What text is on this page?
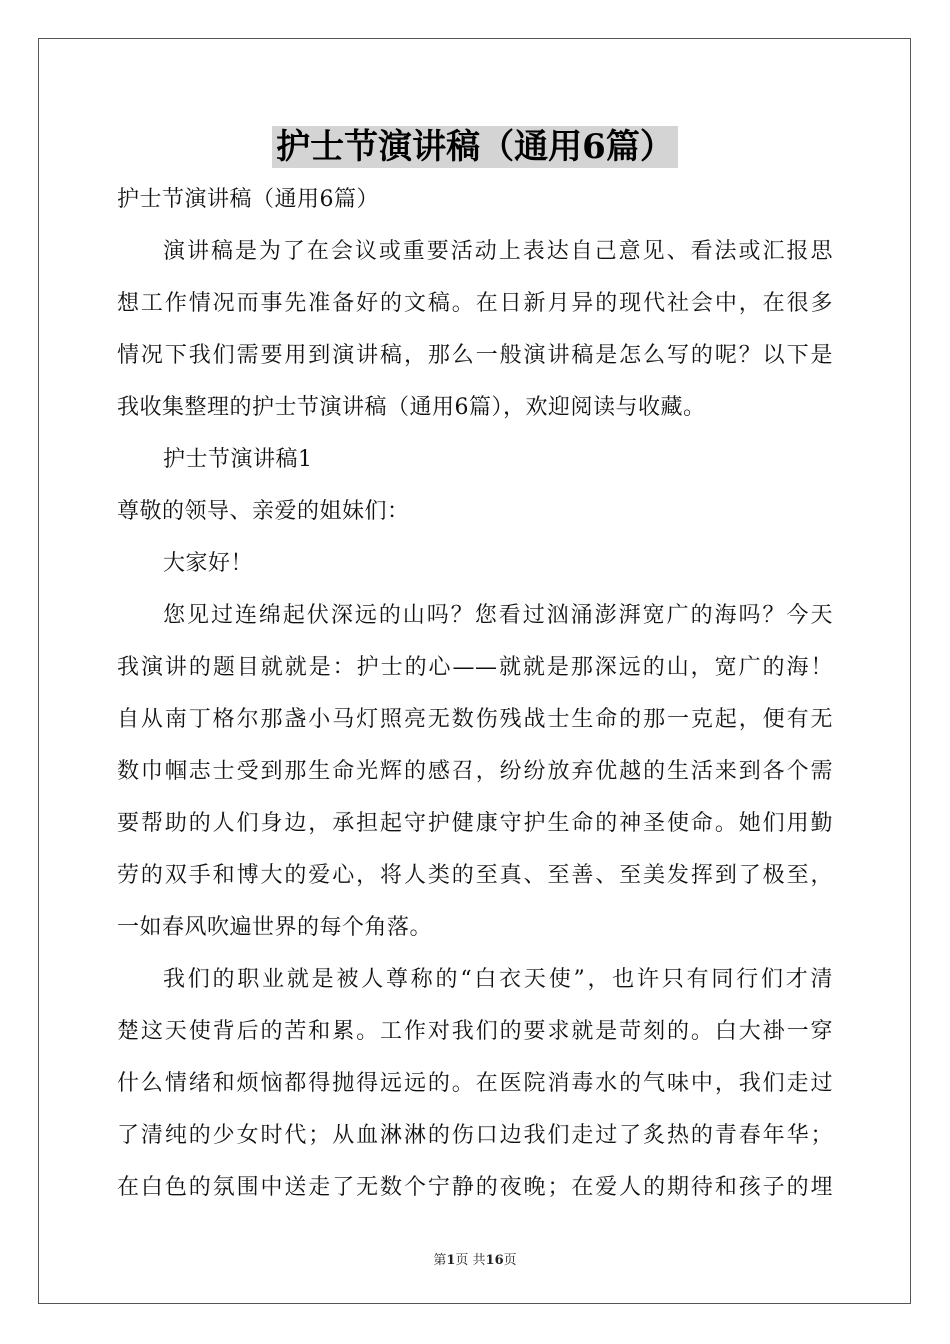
护士节演讲稿（通用6篇）
护士节演讲稿（通用6篇）
演讲稿是为了在会议或重要活动上表达自己意见、看法或汇报思
想工作情况而事先准备好的文稿。在日新月异的现代社会中，在很多
情况下我们需要用到演讲稿，那么一般演讲稿是怎么写的呢？以下是
我收集整理的护士节演讲稿（通用6篇），欢迎阅读与收藏。
护士节演讲稿1
尊敬的领导、亲爱的姐妹们：
大家好！
您见过连绵起伏深远的山吗？您看过汹涌澎湃宽广的海吗？今天
我演讲的题目就就是：护士的心——就就是那深远的山，宽广的海！
自从南丁格尔那盏小马灯照亮无数伤残战士生命的那一克起，便有无
数巾帼志士受到那生命光辉的感召，纷纷放弃优越的生活来到各个需
要帮助的人们身边，承担起守护健康守护生命的神圣使命。她们用勤
劳的双手和博大的爱心，将人类的至真、至善、至美发挥到了极至，
一如春风吹遍世界的每个角落。
我们的职业就是被人尊称的“白衣天使”，也许只有同行们才清
楚这天使背后的苦和累。工作对我们的要求就是苛刻的。白大褂一穿
什么情绪和烦恼都得抛得远远的。在医院消毒水的气味中，我们走过
了清纯的少女时代；从血淋淋的伤口边我们走过了炙热的青春年华；
在白色的氛围中送走了无数个宁静的夜晚；在爱人的期待和孩子的埋
第1页 共16页
